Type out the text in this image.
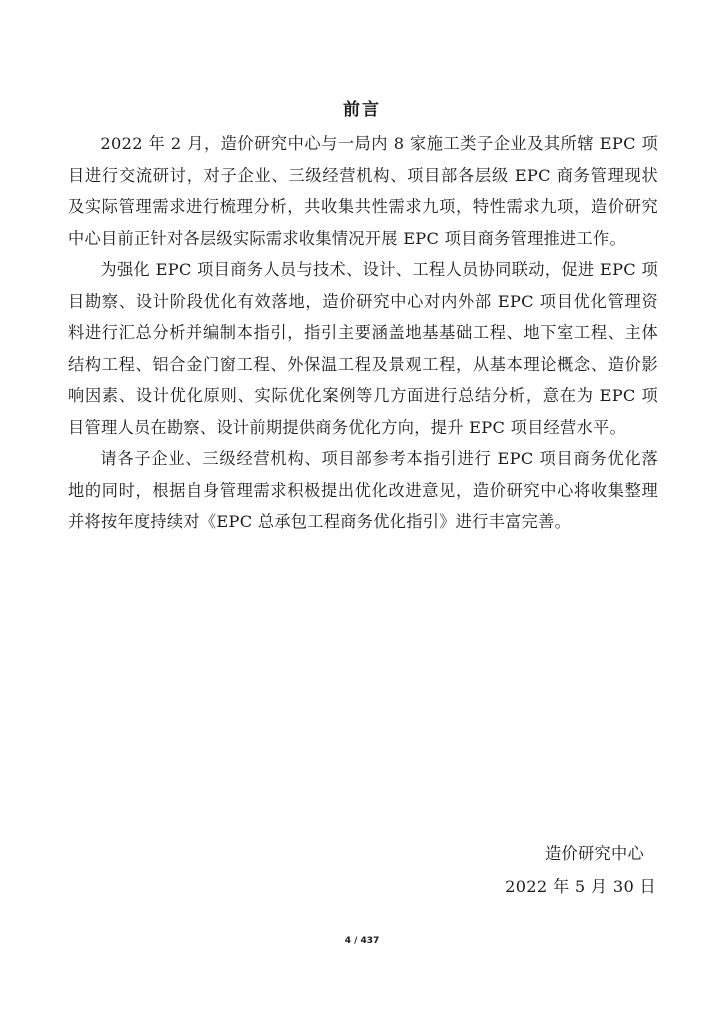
前言

2022 年 2 月，造价研究中心与一局内 8 家施工类子企业及其所辖 EPC 项目进行交流研讨，对子企业、三级经营机构、项目部各层级 EPC 商务管理现状及实际管理需求进行梳理分析，共收集共性需求九项，特性需求九项，造价研究中心目前正针对各层级实际需求收集情况开展 EPC 项目商务管理推进工作。

为强化 EPC 项目商务人员与技术、设计、工程人员协同联动，促进 EPC 项目勘察、设计阶段优化有效落地，造价研究中心对内外部 EPC 项目优化管理资料进行汇总分析并编制本指引，指引主要涵盖地基基础工程、地下室工程、主体结构工程、铝合金门窗工程、外保温工程及景观工程，从基本理论概念、造价影响因素、设计优化原则、实际优化案例等几方面进行总结分析，意在为 EPC 项目管理人员在勘察、设计前期提供商务优化方向，提升 EPC 项目经营水平。

请各子企业、三级经营机构、项目部参考本指引进行 EPC 项目商务优化落地的同时，根据自身管理需求积极提出优化改进意见，造价研究中心将收集整理并将按年度持续对《EPC 总承包工程商务优化指引》进行丰富完善。

造价研究中心
2022 年 5 月 30 日
4 / 437
